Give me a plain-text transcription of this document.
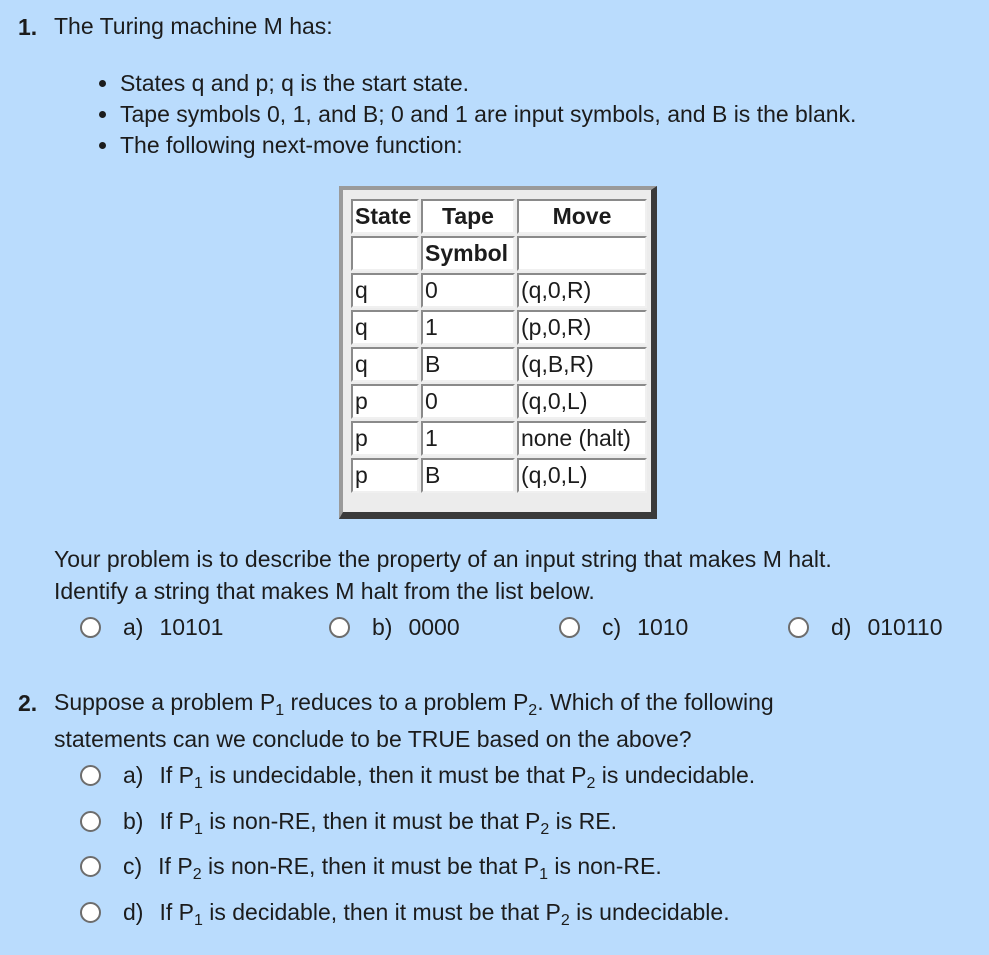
1. The Turing machine M has:
• States q and p; q is the start state.
• Tape symbols 0, 1, and B; 0 and 1 are input symbols, and B is the blank.
• The following next-move function:
State	Tape	Move
	Symbol	
q	0	(q,0,R)
q	1	(p,0,R)
q	B	(q,B,R)
p	0	(q,0,L)
p	1	none (halt)
p	B	(q,0,L)
Your problem is to describe the property of an input string that makes M halt.
Identify a string that makes M halt from the list below.
a) 10101	b) 0000	c) 1010	d) 010110
2. Suppose a problem $P_1$ reduces to a problem $P_2$. Which of the following
statements can we conclude to be TRUE based on the above?
a) If $P_1$ is undecidable, then it must be that $P_2$ is undecidable.
b) If $P_1$ is non-RE, then it must be that $P_2$ is RE.
c) If $P_2$ is non-RE, then it must be that $P_1$ is non-RE.
d) If $P_1$ is decidable, then it must be that $P_2$ is undecidable.
